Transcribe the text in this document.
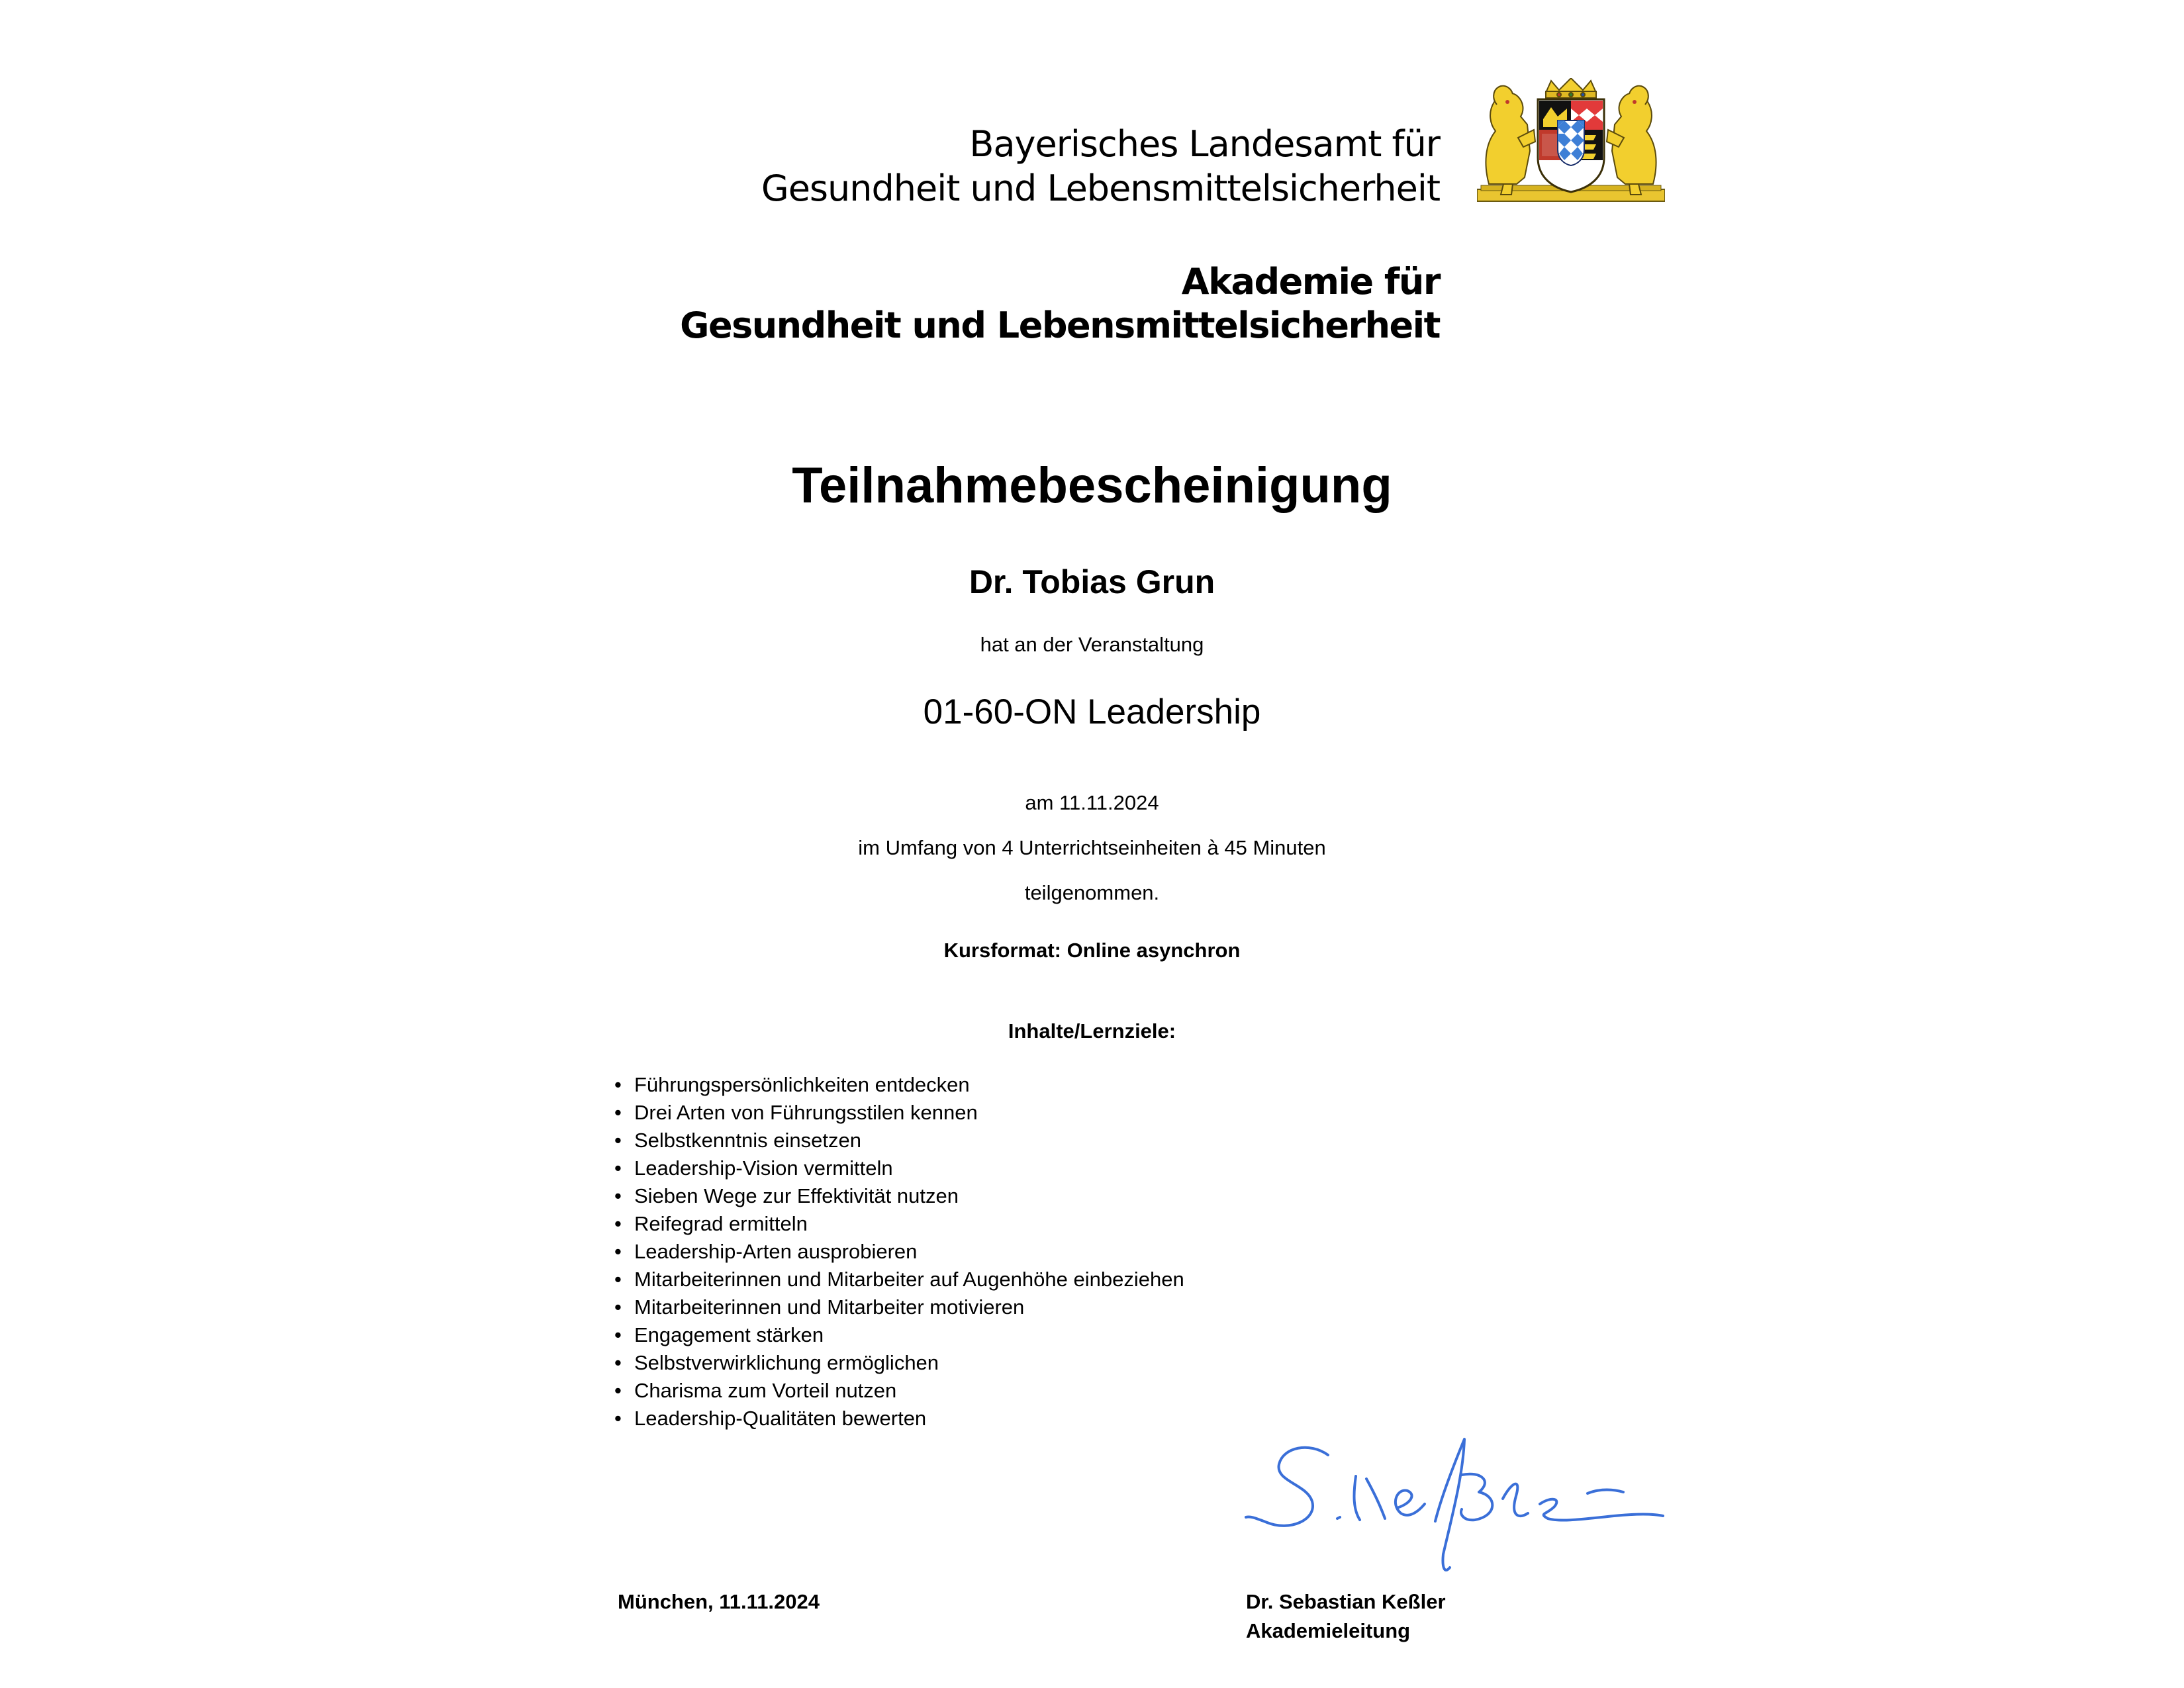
Bayerisches Landesamt für
Gesundheit und Lebensmittelsicherheit
Akademie für
Gesundheit und Lebensmittelsicherheit
Teilnahmebescheinigung
Dr. Tobias Grun
hat an der Veranstaltung
01-60-ON Leadership
am 11.11.2024
im Umfang von 4 Unterrichtseinheiten à 45 Minuten
teilgenommen.
Kursformat: Online asynchron
Inhalte/Lernziele:
• Führungspersönlichkeiten entdecken
• Drei Arten von Führungsstilen kennen
• Selbstkenntnis einsetzen
• Leadership-Vision vermitteln
• Sieben Wege zur Effektivität nutzen
• Reifegrad ermitteln
• Leadership-Arten ausprobieren
• Mitarbeiterinnen und Mitarbeiter auf Augenhöhe einbeziehen
• Mitarbeiterinnen und Mitarbeiter motivieren
• Engagement stärken
• Selbstverwirklichung ermöglichen
• Charisma zum Vorteil nutzen
• Leadership-Qualitäten bewerten
München, 11.11.2024	Dr. Sebastian Keßler
Akademieleitung
